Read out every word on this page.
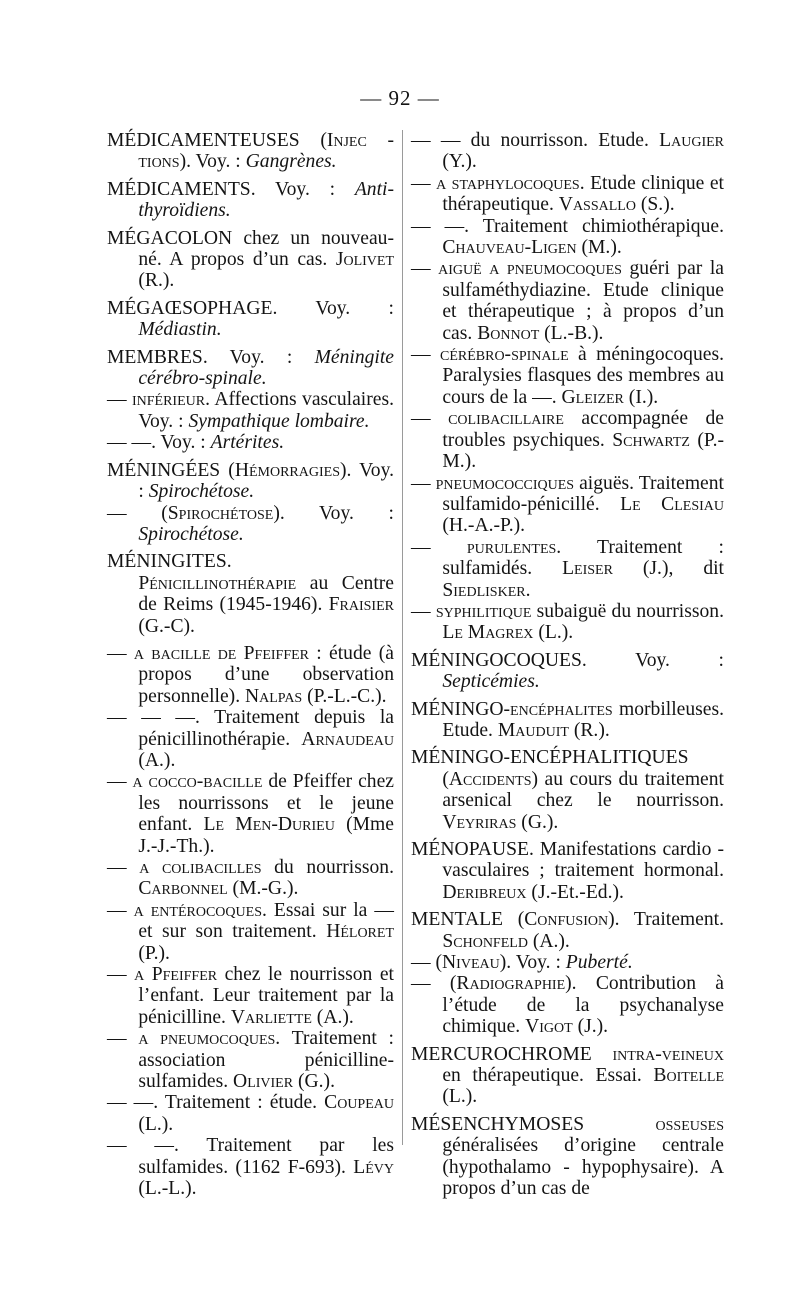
— 92 —

MÉDICAMENTEUSES (Injec - tions). Voy. : Gangrènes.

MÉDICAMENTS. Voy. : Anti-thyroïdiens.

MÉGACOLON chez un nouveau-né. A propos d’un cas. Jolivet (R.).

MÉGAŒSOPHAGE. Voy. : Médiastin.

MEMBRES. Voy. : Méningite cérébro-spinale.

— inférieur. Affections vasculaires. Voy. : Sympathique lombaire.

— —. Voy. : Artérites.

MÉNINGÉES (Hémorragies). Voy. : Spirochétose.

— (Spirochétose). Voy. : Spirochétose.

MÉNINGITES. Pénicillinothérapie au Centre de Reims (1945-1946). Fraisier (G.-C).

— a bacille de Pfeiffer : étude (à propos d’une observation personnelle). Nalpas (P.-L.-C.).

— — —. Traitement depuis la pénicillinothérapie. Arnaudeau (A.).

— a cocco-bacille de Pfeiffer chez les nourrissons et le jeune enfant. Le Men-Durieu (Mme J.-J.-Th.).

— a colibacilles du nourrisson. Carbonnel (M.-G.).

— a entérocoques. Essai sur la — et sur son traitement. Héloret (P.).

— a Pfeiffer chez le nourrisson et l’enfant. Leur traitement par la pénicilline. Varliette (A.).

— a pneumocoques. Traitement : association pénicilline-sulfamides. Olivier (G.).

— —. Traitement : étude. Coupeau (L.).

— —. Traitement par les sulfamides. (1162 F-693). Lévy (L.-L.).

— — du nourrisson. Etude. Laugier (Y.).

— a staphylocoques. Etude clinique et thérapeutique. Vassallo (S.).

— —. Traitement chimiothérapique. Chauveau-Ligen (M.).

— aiguë a pneumocoques guéri par la sulfaméthydiazine. Etude clinique et thérapeutique ; à propos d’un cas. Bonnot (L.-B.).

— cérébro-spinale à méningocoques. Paralysies flasques des membres au cours de la —. Gleizer (I.).

— colibacillaire accompagnée de troubles psychiques. Schwartz (P.-M.).

— pneumococciques aiguës. Traitement sulfamido-pénicillé. Le Clesiau (H.-A.-P.).

— purulentes. Traitement : sulfamidés. Leiser (J.), dit Siedlisker.

— syphilitique subaiguë du nourrisson. Le Magrex (L.).

MÉNINGOCOQUES. Voy. : Septicémies.

MÉNINGO-encéphalites morbilleuses. Etude. Mauduit (R.).

MÉNINGO-ENCÉPHALITIQUES (Accidents) au cours du traitement arsenical chez le nourrisson. Veyriras (G.).

MÉNOPAUSE. Manifestations cardio - vasculaires ; traitement hormonal. Deribreux (J.-Et.-Ed.).

MENTALE (Confusion). Traitement. Schonfeld (A.).

— (Niveau). Voy. : Puberté.

— (Radiographie). Contribution à l’étude de la psychanalyse chimique. Vigot (J.).

MERCUROCHROME intra-veineux en thérapeutique. Essai. Boitelle (L.).

MÉSENCHYMOSES osseuses généralisées d’origine centrale (hypothalamo - hypophysaire). A propos d’un cas de
